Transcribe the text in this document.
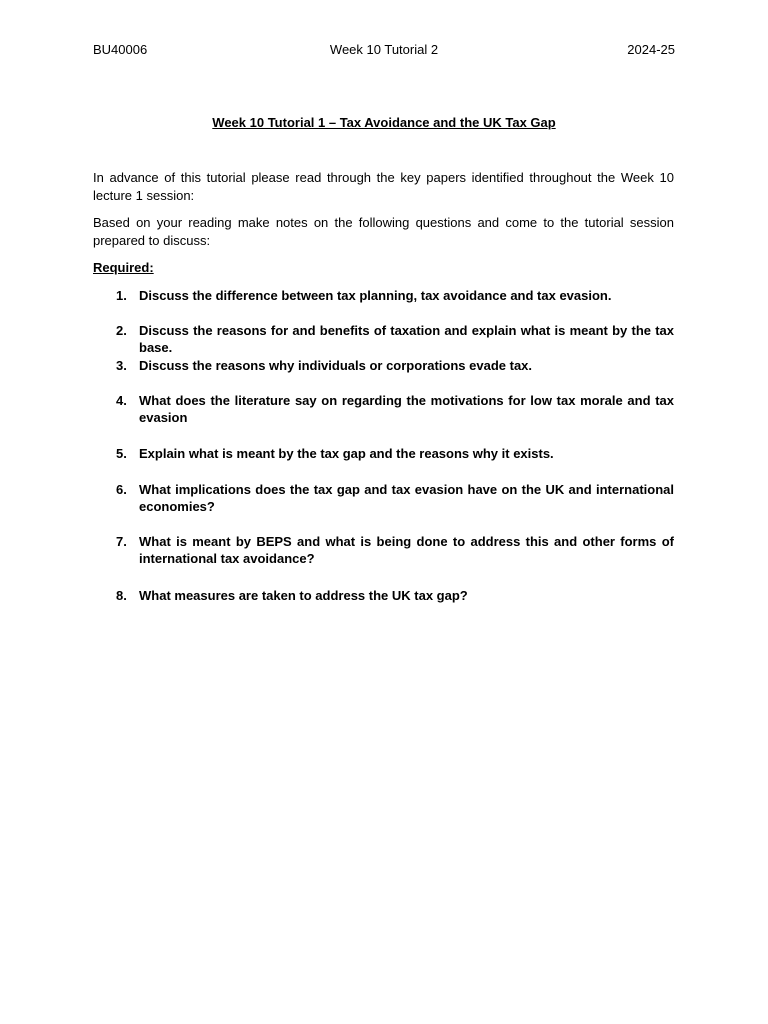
BU40006	Week 10 Tutorial 2	2024-25
Week 10 Tutorial 1 – Tax Avoidance and the UK Tax Gap
In advance of this tutorial please read through the key papers identified throughout the Week 10 lecture 1 session:
Based on your reading make notes on the following questions and come to the tutorial session prepared to discuss:
Required:
1. Discuss the difference between tax planning, tax avoidance and tax evasion.
2. Discuss the reasons for and benefits of taxation and explain what is meant by the tax base.
3. Discuss the reasons why individuals or corporations evade tax.
4. What does the literature say on regarding the motivations for low tax morale and tax evasion
5. Explain what is meant by the tax gap and the reasons why it exists.
6. What implications does the tax gap and tax evasion have on the UK and international economies?
7. What is meant by BEPS and what is being done to address this and other forms of international tax avoidance?
8. What measures are taken to address the UK tax gap?
